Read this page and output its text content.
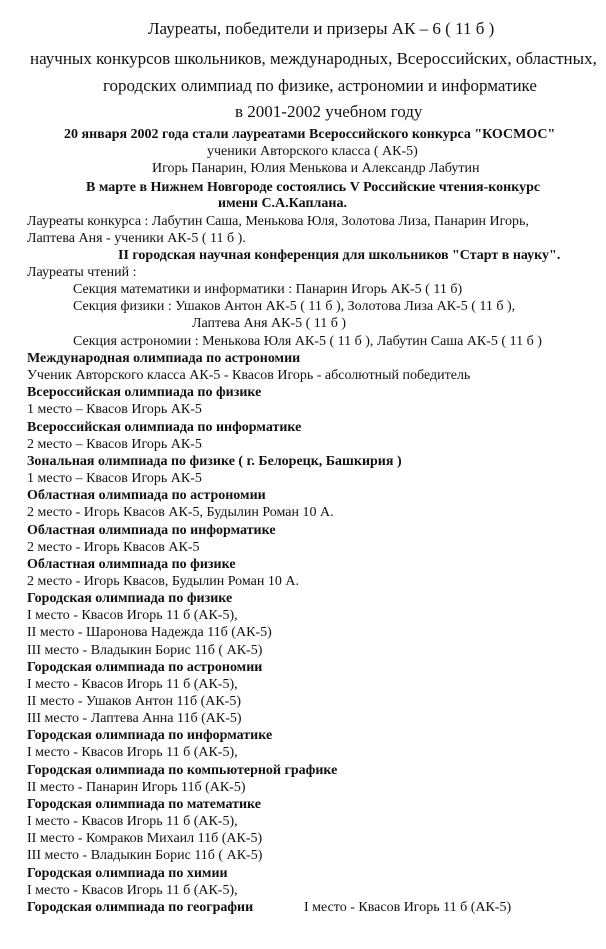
Лауреаты, победители и призеры АК – 6 ( 11 б )
научных конкурсов школьников, международных, Всероссийских, областных,
городских олимпиад по физике, астрономии и информатике
в 2001-2002 учебном году
20 января 2002 года стали лауреатами Всероссийского конкурса "КОСМОС"
ученики Авторского класса ( АК-5)
Игорь Панарин, Юлия Менькова и Александр Лабутин
В марте в Нижнем Новгороде состоялись V Российские чтения-конкурс
имени С.А.Каплана.
Лауреаты конкурса : Лабутин Саша, Менькова Юля, Золотова Лиза, Панарин Игорь,
Лаптева Аня - ученики АК-5 ( 11 б ).
II городская научная конференция для школьников "Старт в науку".
Лауреаты чтений :
Секция математики и информатики : Панарин Игорь АК-5 ( 11 б)
Секция физики : Ушаков Антон АК-5 ( 11 б ), Золотова Лиза АК-5 ( 11 б ),
Лаптева Аня АК-5 ( 11 б )
Секция астрономии : Менькова Юля АК-5 ( 11 б ), Лабутин Саша АК-5 ( 11 б )
Международная олимпиада по астрономии
Ученик Авторского класса АК-5 - Квасов Игорь - абсолютный победитель
Всероссийская олимпиада по физике
1 место – Квасов Игорь АК-5
Всероссийская олимпиада по информатике
2 место – Квасов Игорь АК-5
Зональная олимпиада по физике ( г. Белорецк, Башкирия )
1 место – Квасов Игорь АК-5
Областная олимпиада по астрономии
2 место - Игорь Квасов АК-5, Будылин Роман 10 А.
Областная олимпиада по информатике
2 место - Игорь Квасов АК-5
Областная олимпиада по физике
2 место - Игорь Квасов, Будылин Роман 10 А.
Городская олимпиада по физике
I место - Квасов Игорь 11 б (АК-5),
II место - Шаронова Надежда 11б (АК-5)
III место - Владыкин Борис 11б ( АК-5)
Городская олимпиада по астрономии
I место - Квасов Игорь 11 б (АК-5),
II место - Ушаков Антон 11б (АК-5)
III место - Лаптева Анна 11б (АК-5)
Городская олимпиада по информатике
I место - Квасов Игорь 11 б (АК-5),
Городская олимпиада по компьютерной графике
II место - Панарин Игорь 11б (АК-5)
Городская олимпиада по математике
I место - Квасов Игорь 11 б (АК-5),
II место - Комраков Михаил 11б (АК-5)
III место - Владыкин Борис 11б ( АК-5)
Городская олимпиада по химии
I место - Квасов Игорь 11 б (АК-5),
Городская олимпиада по географии	I место - Квасов Игорь 11 б (АК-5)
